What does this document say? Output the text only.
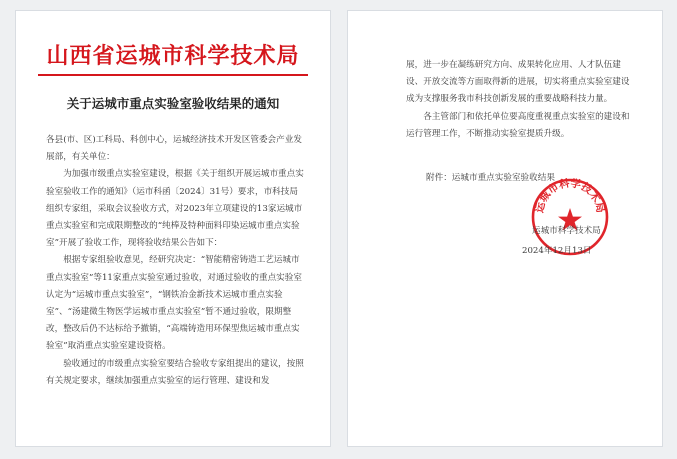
山西省运城市科学技术局
关于运城市重点实验室验收结果的通知

各县(市、区)工科局、科创中心，运城经济技术开发区管委会产业发展部，有关单位：

为加强市级重点实验室建设，根据《关于组织开展运城市重点实验室验收工作的通知》（运市科函〔2024〕31号）要求，市科技局组织专家组，采取会议验收方式，对2023年立项建设的13家运城市重点实验室和完成限期整改的“纯棒及特种面料印染运城市重点实验室”开展了验收工作，现将验收结果公告如下：

根据专家组验收意见，经研究决定：“智能精密铸造工艺运城市重点实验室”等11家重点实验室通过验收，对通过验收的重点实验室认定为“运城市重点实验室”，“钢铁冶金新技术运城市重点实验室”、“汤建微生物医学运城市重点实验室”暂不通过验收，限期整改，整改后仍不达标给予撤销，“高端铸造用环保型焦运城市重点实验室”取消重点实验室建设资格。

验收通过的市级重点实验室要结合验收专家组提出的建议，按照有关规定要求，继续加强重点实验室的运行管理、建设和发

展，进一步在凝练研究方向、成果转化应用、人才队伍建设、开放交流等方面取得新的进展，切实将重点实验室建设成为支撑服务我市科技创新发展的重要战略科技力量。

各主管部门和依托单位要高度重视重点实验室的建设和运行管理工作，不断推动实验室提质升级。

附件：运城市重点实验室验收结果
运城市科学技术局
运城市科学技术局
2024年12月13日
